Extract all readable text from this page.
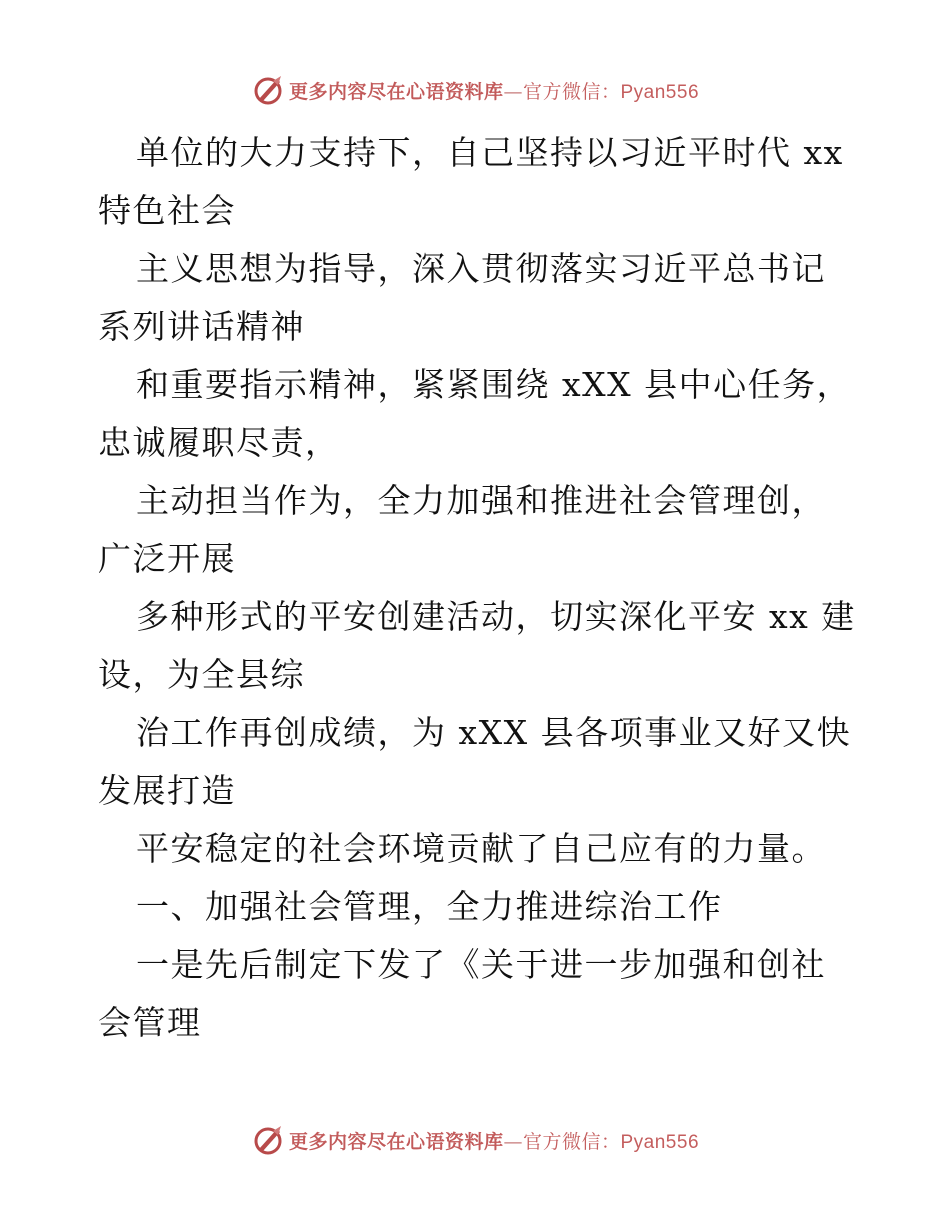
更多内容尽在心语资料库—官方微信：Pyan556

单位的大力支持下，自己坚持以习近平时代 xx 特色社会

主义思想为指导，深入贯彻落实习近平总书记系列讲话精神

和重要指示精神，紧紧围绕 xXX 县中心任务，忠诚履职尽责，

主动担当作为，全力加强和推进社会管理创，广泛开展

多种形式的平安创建活动，切实深化平安 xx 建设，为全县综

治工作再创成绩，为 xXX 县各项事业又好又快发展打造

平安稳定的社会环境贡献了自己应有的力量。

一、加强社会管理，全力推进综治工作

一是先后制定下发了《关于进一步加强和创社会管理

更多内容尽在心语资料库—官方微信：Pyan556
